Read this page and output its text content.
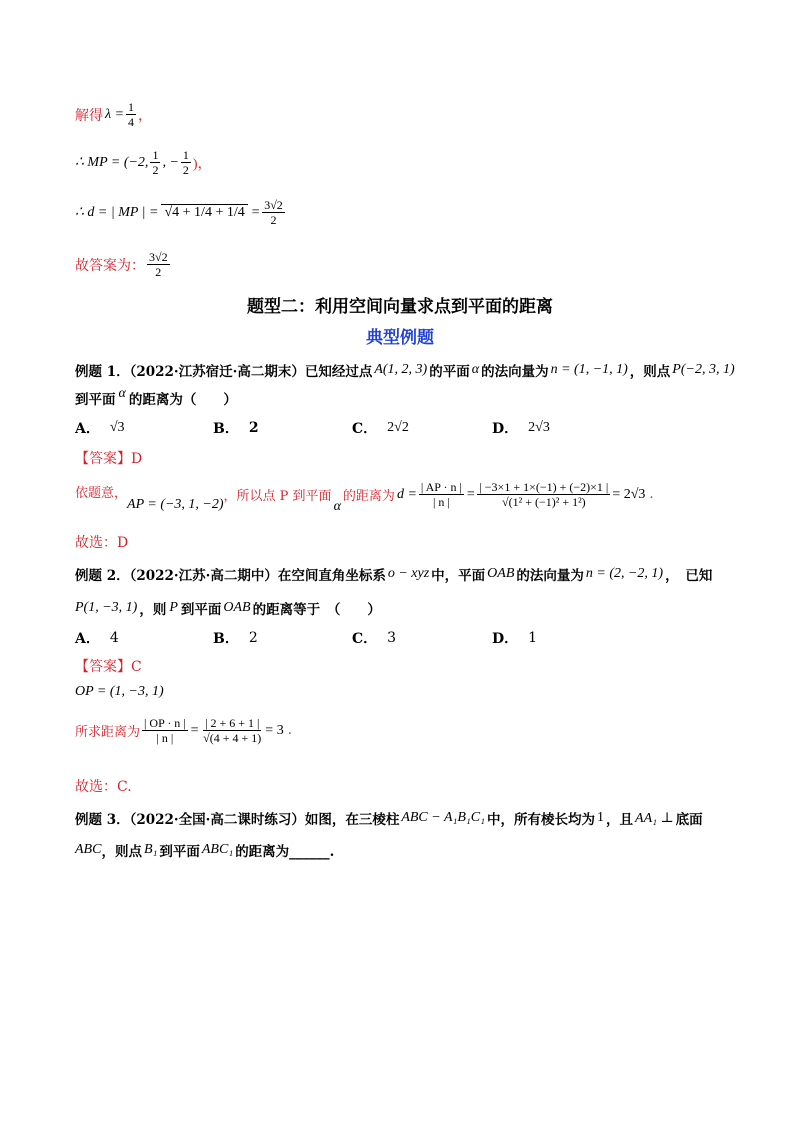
解得 $\lambda = \frac{1}{4}$ ，
∴ MP = (−2, $\frac{1}{2}$ , − $\frac{1}{2}$ )，
∴ d = | MP | = $√4 + 1/4 + 1/4 = \frac{3√2}{2}$
故答案为： $\frac{3√2}{2}$
题型二：利用空间向量求点到平面的距离
典型例题
例题 1．（2022·江苏宿迁·高二期末）已知经过点 A(1, 2, 3) 的平面 α 的法向量为 n = (1, −1, 1) ，则点 P(−2, 3, 1)
到平面 α 的距离为（　　）
A． √3	B． 2	C． 2√2	D． 2√3
【答案】D
依题意，
AP = (−3, 1, −2) ，所以点 P 到平面
α
的距离为 $d = \frac{| AP \cdot n |}{| n |} = \frac{| -3\times 1 + 1\times(-1) + (-2)\times 1 |}{\text{√(1² + (−1)² + 1²)}} = 2√3$ .
故选：D
例题 2．（2022·江苏·高二期中）在空间直角坐标系 o − xyz 中，平面 OAB 的法向量为 n = (2, −2, 1) ，　已知
P(1, −3, 1) ，则 P 到平面 OAB 的距离等于　（　　）
A． 4	B． 2	C． 3	D． 1
【答案】C
OP = (1, −3, 1)
所求距离为 $\frac{| OP \cdot n |}{| n |} = \frac{| 2 + 6 + 1 |}{√(4 + 4 + 1)} = 3$ .
故选：C.
例题 3．（2022·全国·高二课时练习）如图，在三棱柱 ABC − A₁B₁C₁ 中，所有棱长均为 1 ，且 AA₁ ⊥ 底面
ABC ，则点 B₁ 到平面 ABC₁ 的距离为______.
